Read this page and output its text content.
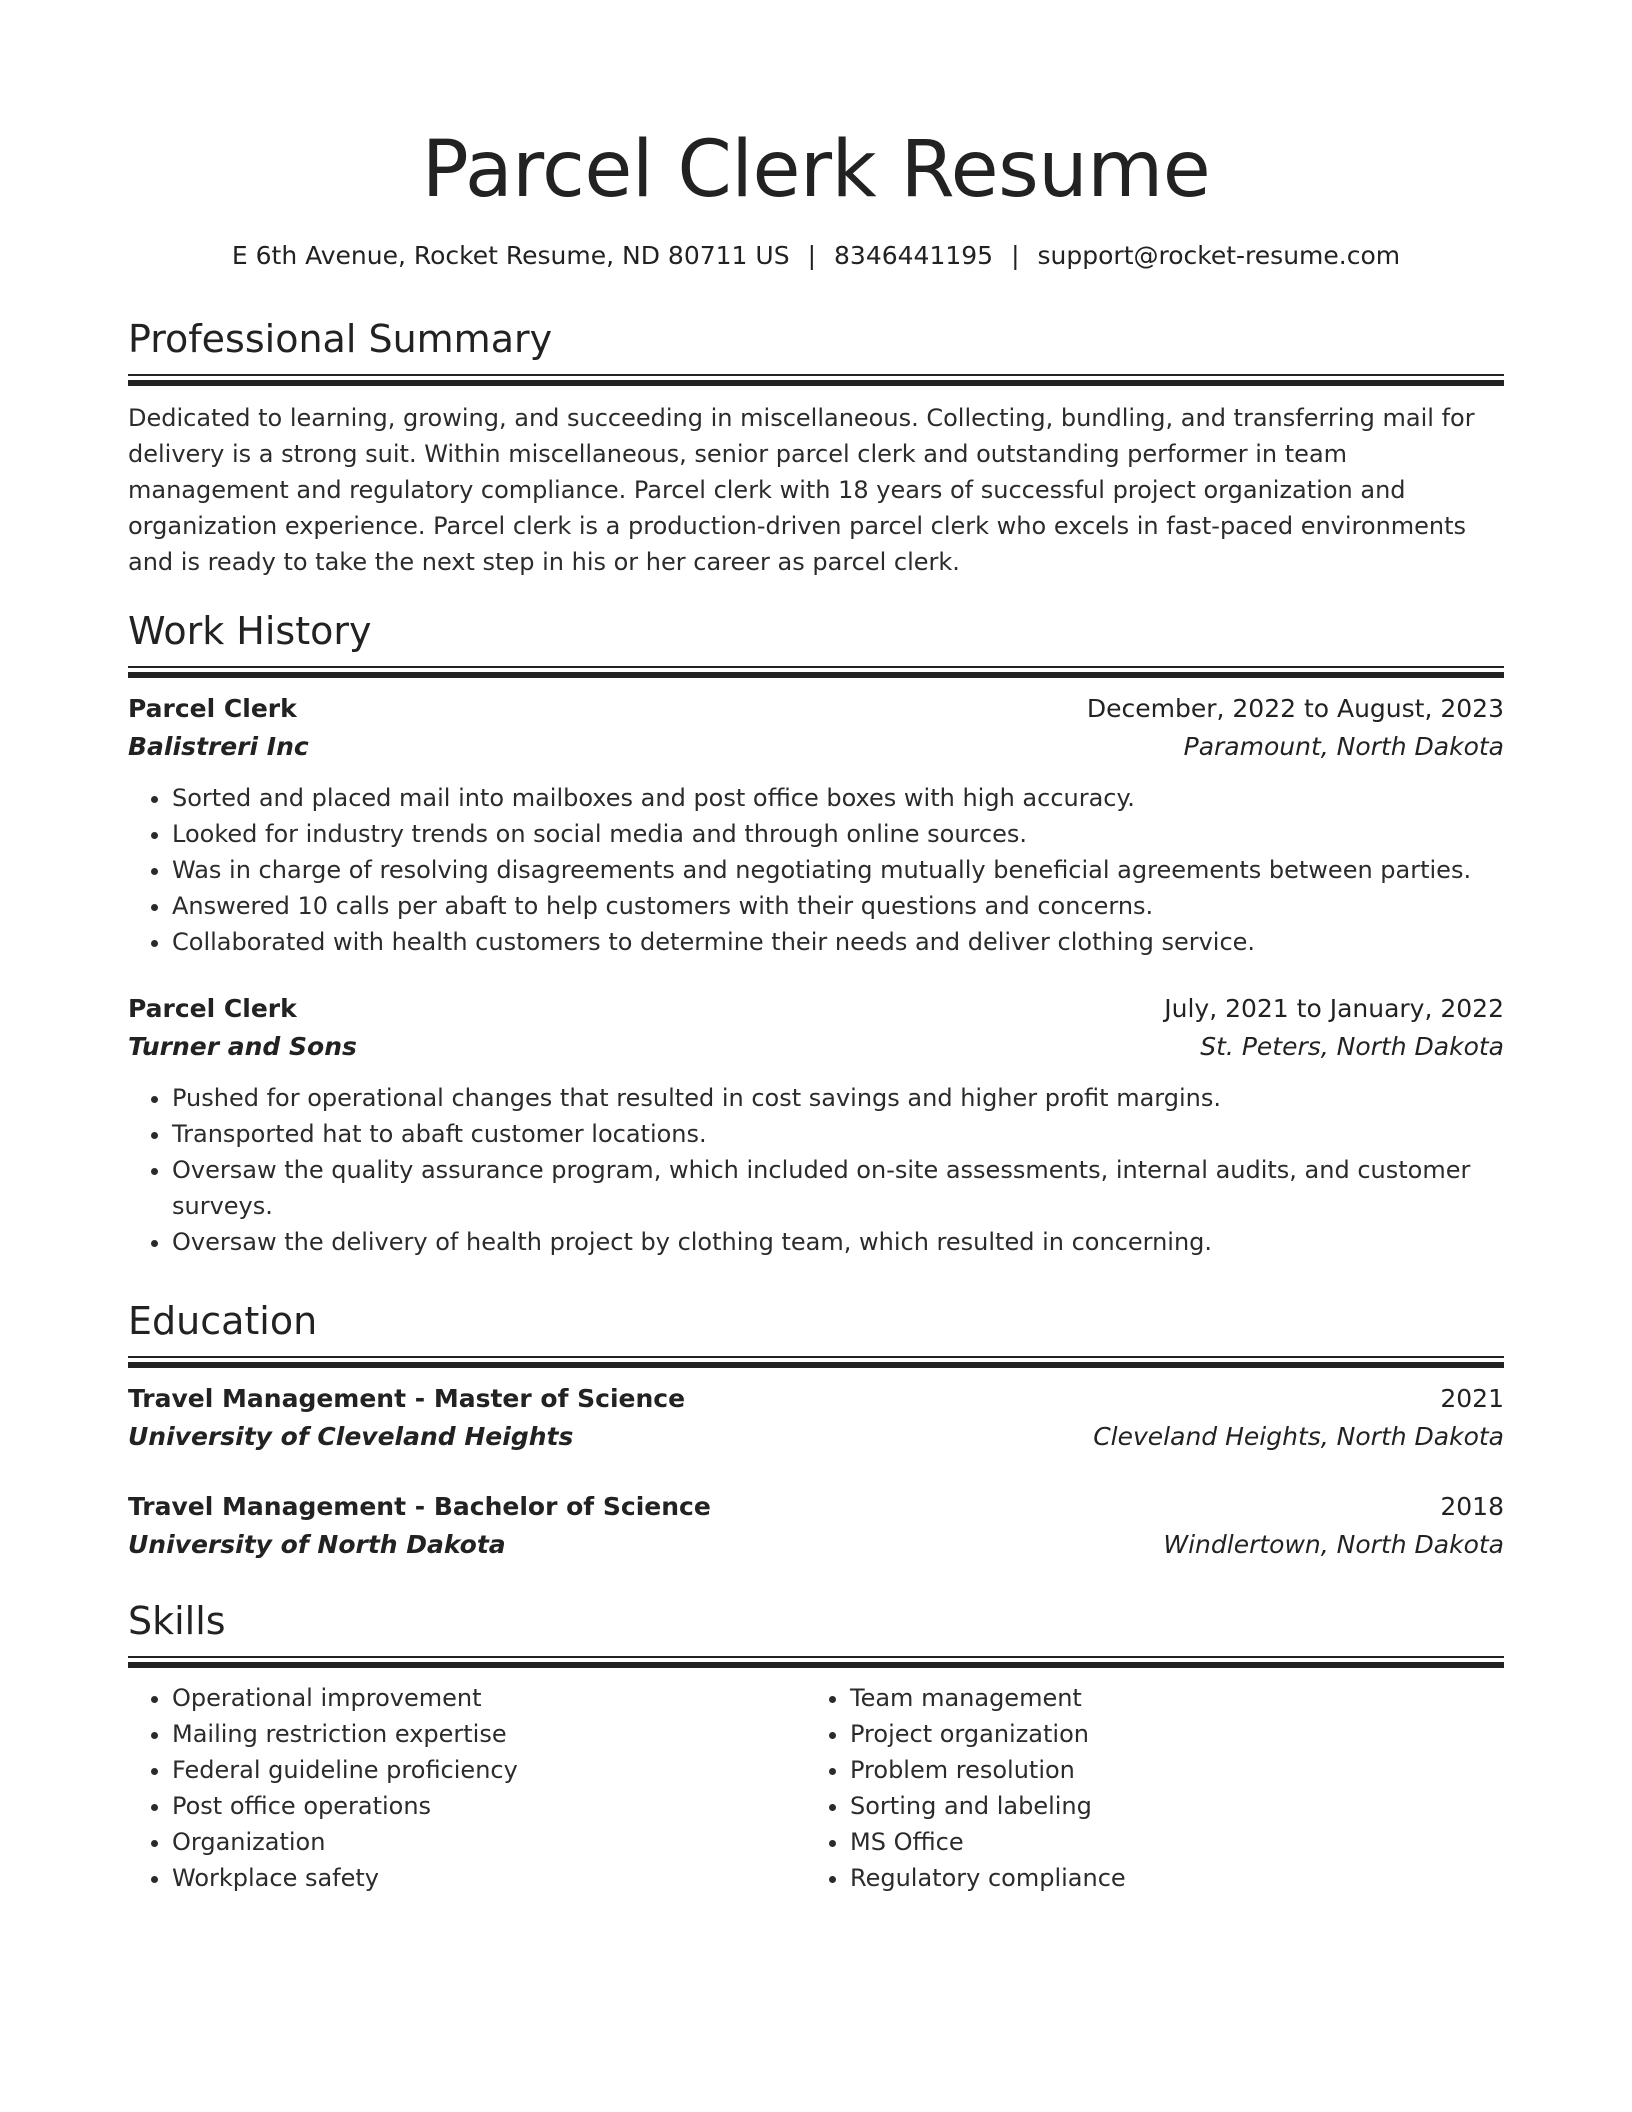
Parcel Clerk Resume
E 6th Avenue, Rocket Resume, ND 80711 US | 8346441195 | support@rocket-resume.com
Professional Summary

Dedicated to learning, growing, and succeeding in miscellaneous. Collecting, bundling, and transferring mail for delivery is a strong suit. Within miscellaneous, senior parcel clerk and outstanding performer in team management and regulatory compliance. Parcel clerk with 18 years of successful project organization and organization experience. Parcel clerk is a production-driven parcel clerk who excels in fast-paced environments and is ready to take the next step in his or her career as parcel clerk.

Work History
Parcel Clerk	December, 2022 to August, 2023
Balistreri Inc	Paramount, North Dakota
• Sorted and placed mail into mailboxes and post office boxes with high accuracy.
• Looked for industry trends on social media and through online sources.
• Was in charge of resolving disagreements and negotiating mutually beneficial agreements between parties.
• Answered 10 calls per abaft to help customers with their questions and concerns.
• Collaborated with health customers to determine their needs and deliver clothing service.
Parcel Clerk	July, 2021 to January, 2022
Turner and Sons	St. Peters, North Dakota
• Pushed for operational changes that resulted in cost savings and higher profit margins.
• Transported hat to abaft customer locations.
• Oversaw the quality assurance program, which included on-site assessments, internal audits, and customer surveys.
• Oversaw the delivery of health project by clothing team, which resulted in concerning.
Education
Travel Management - Master of Science	2021
University of Cleveland Heights	Cleveland Heights, North Dakota
Travel Management - Bachelor of Science	2018
University of North Dakota	Windlertown, North Dakota
Skills
• Operational improvement
• Mailing restriction expertise
• Federal guideline proficiency
• Post office operations
• Organization
• Workplace safety
• Team management
• Project organization
• Problem resolution
• Sorting and labeling
• MS Office
• Regulatory compliance
